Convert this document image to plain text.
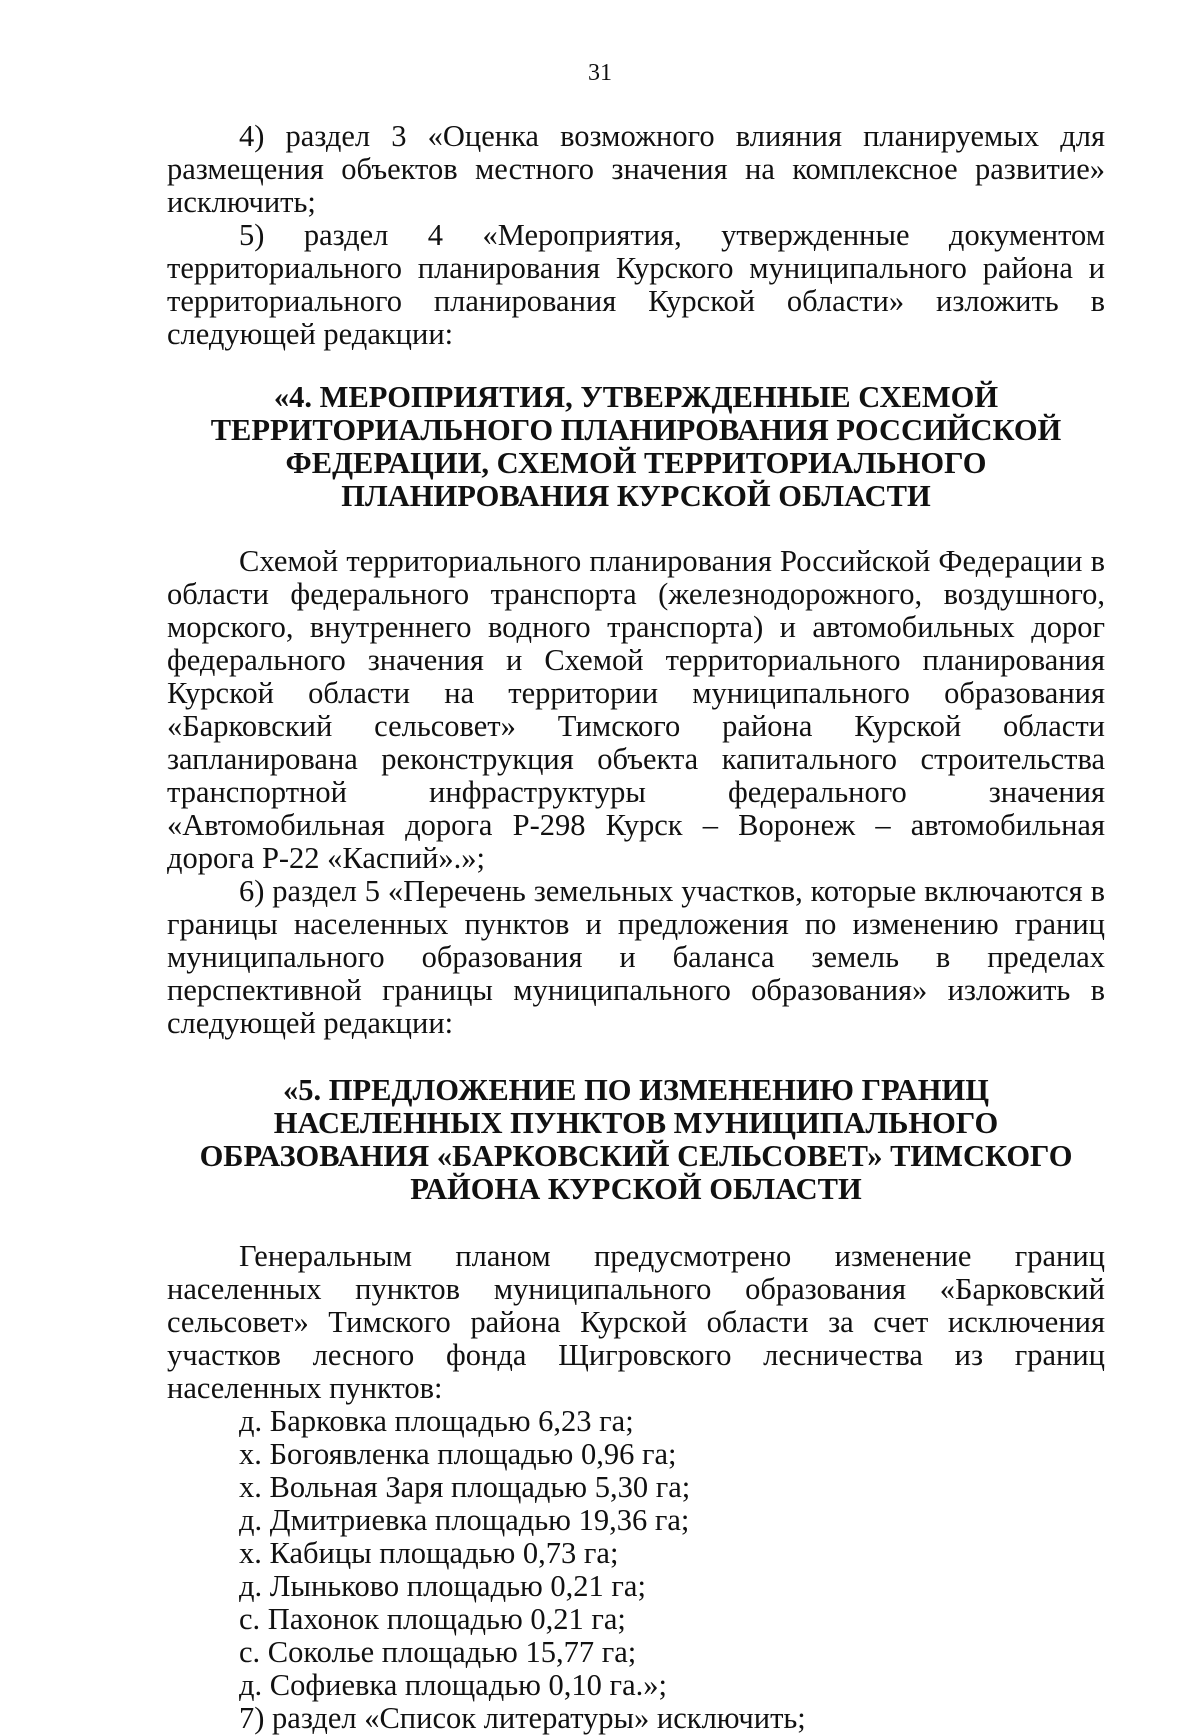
31

4) раздел 3 «Оценка возможного влияния планируемых для размещения объектов местного значения на комплексное развитие» исключить;

5) раздел 4 «Мероприятия, утвержденные документом территориального планирования Курского муниципального района и территориального планирования Курской области» изложить в следующей редакции:

«4. МЕРОПРИЯТИЯ, УТВЕРЖДЕННЫЕ СХЕМОЙ ТЕРРИТОРИАЛЬНОГО ПЛАНИРОВАНИЯ РОССИЙСКОЙ ФЕДЕРАЦИИ, СХЕМОЙ ТЕРРИТОРИАЛЬНОГО ПЛАНИРОВАНИЯ КУРСКОЙ ОБЛАСТИ

Схемой территориального планирования Российской Федерации в области федерального транспорта (железнодорожного, воздушного, морского, внутреннего водного транспорта) и автомобильных дорог федерального значения и Схемой территориального планирования Курской области на территории муниципального образования «Барковский сельсовет» Тимского района Курской области запланирована реконструкция объекта капитального строительства транспортной инфраструктуры федерального значения «Автомобильная дорога Р-298 Курск – Воронеж – автомобильная дорога Р-22 «Каспий».»;

6) раздел 5 «Перечень земельных участков, которые включаются в границы населенных пунктов и предложения по изменению границ муниципального образования и баланса земель в пределах перспективной границы муниципального образования» изложить в следующей редакции:

«5. ПРЕДЛОЖЕНИЕ ПО ИЗМЕНЕНИЮ ГРАНИЦ НАСЕЛЕННЫХ ПУНКТОВ МУНИЦИПАЛЬНОГО ОБРАЗОВАНИЯ «БАРКОВСКИЙ СЕЛЬСОВЕТ» ТИМСКОГО РАЙОНА КУРСКОЙ ОБЛАСТИ

Генеральным планом предусмотрено изменение границ населенных пунктов муниципального образования «Барковский сельсовет» Тимского района Курской области за счет исключения участков лесного фонда Щигровского лесничества из границ населенных пунктов:

д. Барковка площадью 6,23 га;
х. Богоявленка площадью 0,96 га;
х. Вольная Заря площадью 5,30 га;
д. Дмитриевка площадью 19,36 га;
х. Кабицы площадью 0,73 га;
д. Лыньково площадью 0,21 га;
с. Пахонок площадью 0,21 га;
с. Соколье площадью 15,77 га;
д. Софиевка площадью 0,10 га.»;

7) раздел «Список литературы» исключить;
